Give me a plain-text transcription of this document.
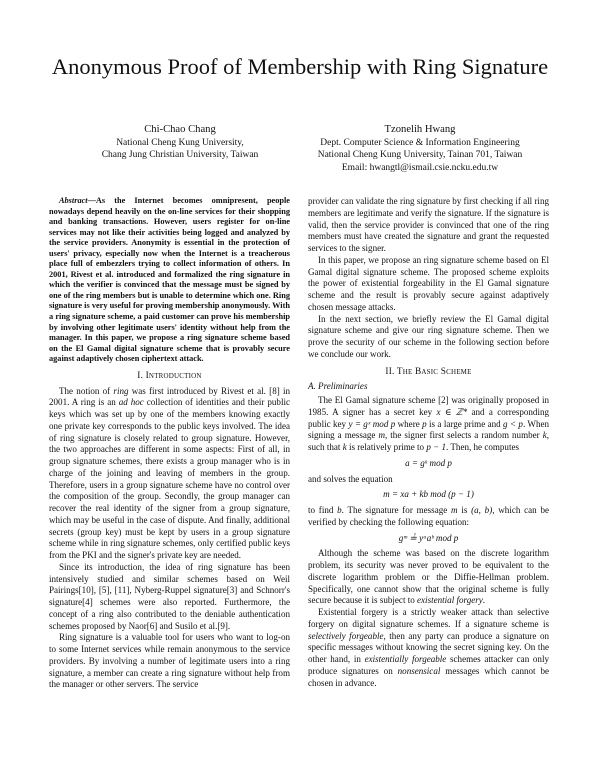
Anonymous Proof of Membership with Ring Signature
Chi-Chao Chang
National Cheng Kung University,
Chang Jung Christian University, Taiwan
Tzonelih Hwang
Dept. Computer Science & Information Engineering
National Cheng Kung University, Tainan 701, Taiwan
Email: hwangtl@ismail.csie.ncku.edu.tw

Abstract—As the Internet becomes omnipresent, people nowadays depend heavily on the on-line services for their shopping and banking transactions. However, users register for on-line services may not like their activities being logged and analyzed by the service providers. Anonymity is essential in the protection of users' privacy, especially now when the Internet is a treacherous place full of embezzlers trying to collect information of others. In 2001, Rivest et al. introduced and formalized the ring signature in which the verifier is convinced that the message must be signed by one of the ring members but is unable to determine which one. Ring signature is very useful for proving membership anonymously. With a ring signature scheme, a paid customer can prove his membership by involving other legitimate users' identity without help from the manager. In this paper, we propose a ring signature scheme based on the El Gamal digital signature scheme that is provably secure against adaptively chosen ciphertext attack.

I. Introduction

The notion of ring was first introduced by Rivest et al. [8] in 2001. A ring is an ad hoc collection of identities and their public keys which was set up by one of the members knowing exactly one private key corresponds to the public keys involved. The idea of ring signature is closely related to group signature. However, the two approaches are different in some aspects: First of all, in group signature schemes, there exists a group manager who is in charge of the joining and leaving of members in the group. Therefore, users in a group signature scheme have no control over the composition of the group. Secondly, the group manager can recover the real identity of the signer from a group signature, which may be useful in the case of dispute. And finally, additional secrets (group key) must be kept by users in a group signature scheme while in ring signature schemes, only certified public keys from the PKI and the signer's private key are needed.

Since its introduction, the idea of ring signature has been intensively studied and similar schemes based on Weil Pairings[10], [5], [11], Nyberg-Ruppel signature[3] and Schnorr's signature[4] schemes were also reported. Furthermore, the concept of a ring also contributed to the deniable authentication schemes proposed by Naor[6] and Susilo et al.[9].

Ring signature is a valuable tool for users who want to log-on to some Internet services while remain anonymous to the service providers. By involving a number of legitimate users into a ring signature, a member can create a ring signature without help from the manager or other servers. The service

provider can validate the ring signature by first checking if all ring members are legitimate and verify the signature. If the signature is valid, then the service provider is convinced that one of the ring members must have created the signature and grant the requested services to the signer.

In this paper, we propose an ring signature scheme based on El Gamal digital signature scheme. The proposed scheme exploits the power of existential forgeability in the El Gamal signature scheme and the result is provably secure against adaptively chosen message attacks.

In the next section, we briefly review the El Gamal digital signature scheme and give our ring signature scheme. Then we prove the security of our scheme in the following section before we conclude our work.

II. The Basic Scheme
A. Preliminaries

The El Gamal signature scheme [2] was originally proposed in 1985. A signer has a secret key x ∈ ℤ* and a corresponding public key y = gˣ mod p where p is a large prime and g < p. When signing a message m, the signer first selects a random number k, such that k is relatively prime to p − 1. Then, he computes

a = gᵏ mod p

and solves the equation

m = xa + kb mod (p − 1)

to find b. The signature for message m is (a, b), which can be verified by checking the following equation:

gᵐ ≟ yᵃaᵇ mod p

Although the scheme was based on the discrete logarithm problem, its security was never proved to be equivalent to the discrete logarithm problem or the Diffie-Hellman problem. Specifically, one cannot show that the original scheme is fully secure because it is subject to existential forgery.

Existential forgery is a strictly weaker attack than selective forgery on digital signature schemes. If a signature scheme is selectively forgeable, then any party can produce a signature on specific messages without knowing the secret signing key. On the other hand, in existentially forgeable schemes attacker can only produce signatures on nonsensical messages which cannot be chosen in advance.
